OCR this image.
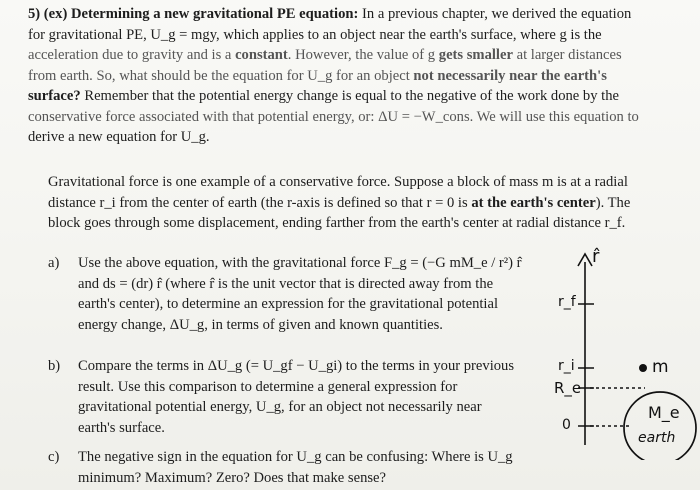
5) (ex) Determining a new gravitational PE equation: In a previous chapter, we derived the equation
for gravitational PE, U_g = mgy, which applies to an object near the earth's surface, where g is the
acceleration due to gravity and is a constant. However, the value of g gets smaller at larger distances
from earth. So, what should be the equation for U_g for an object not necessarily near the earth's
surface? Remember that the potential energy change is equal to the negative of the work done by the
conservative force associated with that potential energy, or: ΔU = −W_cons. We will use this equation to
derive a new equation for U_g.
Gravitational force is one example of a conservative force. Suppose a block of mass m is at a radial
distance r_i from the center of earth (the r-axis is defined so that r = 0 is at the earth's center). The
block goes through some displacement, ending farther from the earth's center at radial distance r_f.
a) Use the above equation, with the gravitational force F_g = (−G mM_e / r²) r̂
and ds = (dr) r̂ (where r̂ is the unit vector that is directed away from the
earth's center), to determine an expression for the gravitational potential
energy change, ΔU_g, in terms of given and known quantities.
b) Compare the terms in ΔU_g (= U_gf − U_gi) to the terms in your previous
result. Use this comparison to determine a general expression for
gravitational potential energy, U_g, for an object not necessarily near
earth's surface.
c) The negative sign in the equation for U_g can be confusing: Where is U_g
minimum? Maximum? Zero? Does that make sense?
r̂
r_f
r_i
R_e
0
m
M_e
earth
